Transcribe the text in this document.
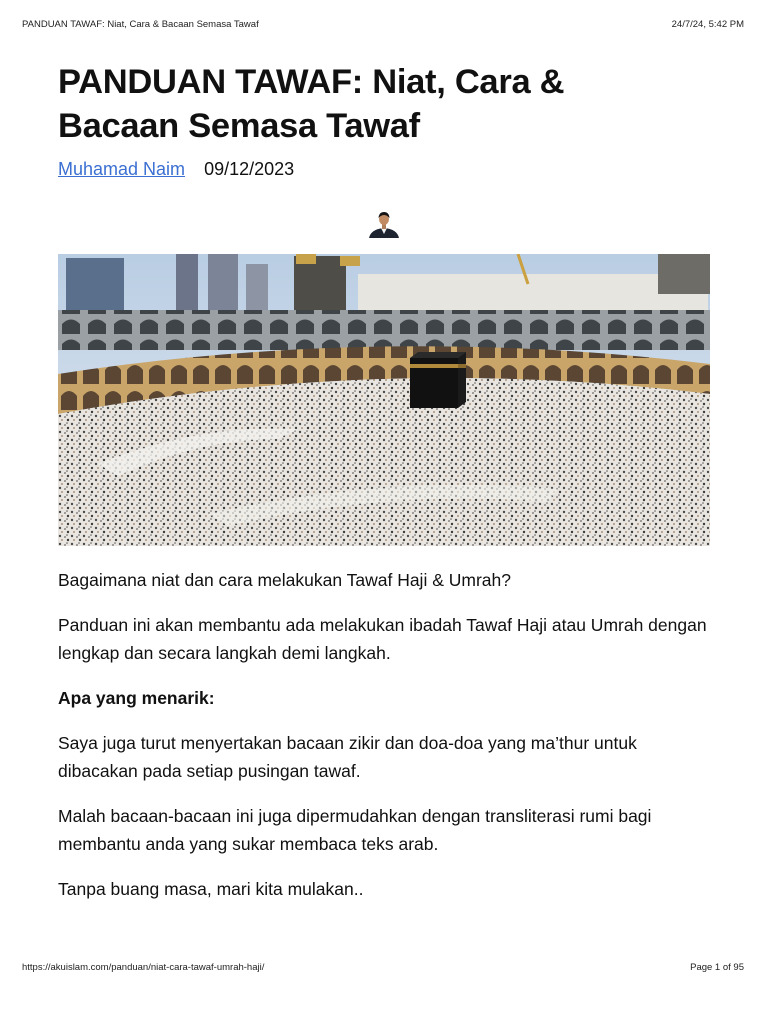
PANDUAN TAWAF: Niat, Cara & Bacaan Semasa Tawaf	24/7/24, 5:42 PM
PANDUAN TAWAF: Niat, Cara &
Bacaan Semasa Tawaf
Muhamad Naim 09/12/2023

Bagaimana niat dan cara melakukan Tawaf Haji & Umrah?

Panduan ini akan membantu ada melakukan ibadah Tawaf Haji atau Umrah dengan lengkap dan secara langkah demi langkah.

Apa yang menarik:

Saya juga turut menyertakan bacaan zikir dan doa-doa yang ma’thur untuk dibacakan pada setiap pusingan tawaf.

Malah bacaan-bacaan ini juga dipermudahkan dengan transliterasi rumi bagi membantu anda yang sukar membaca teks arab.

Tanpa buang masa, mari kita mulakan..

https://akuislam.com/panduan/niat-cara-tawaf-umrah-haji/	Page 1 of 95
